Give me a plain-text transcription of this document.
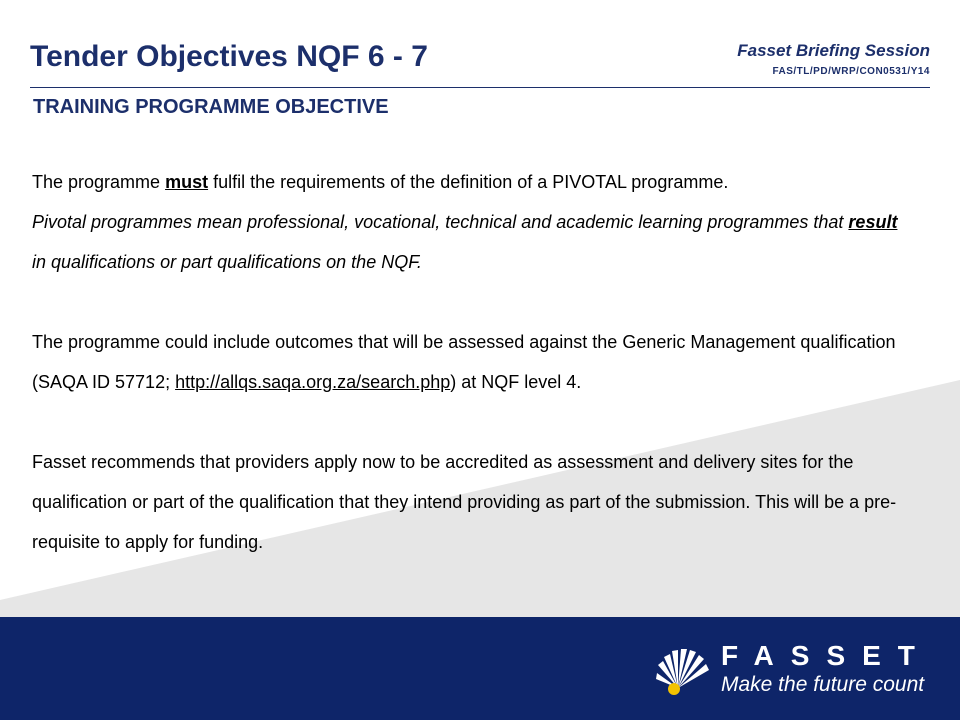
Tender Objectives NQF 6 - 7	Fasset Briefing Session
FAS/TL/PD/WRP/CON0531/Y14
TRAINING PROGRAMME OBJECTIVE

The programme must fulfil the requirements of the definition of a PIVOTAL programme.
Pivotal programmes mean professional, vocational, technical and academic learning programmes that result in qualifications or part qualifications on the NQF.

The programme could include outcomes that will be assessed against the Generic Management qualification (SAQA ID 57712; http://allqs.saqa.org.za/search.php) at NQF level 4.

Fasset recommends that providers apply now to be accredited as assessment and delivery sites for the qualification or part of the qualification that they intend providing as part of the submission. This will be a pre-requisite to apply for funding.

FASSET
Make the future count
